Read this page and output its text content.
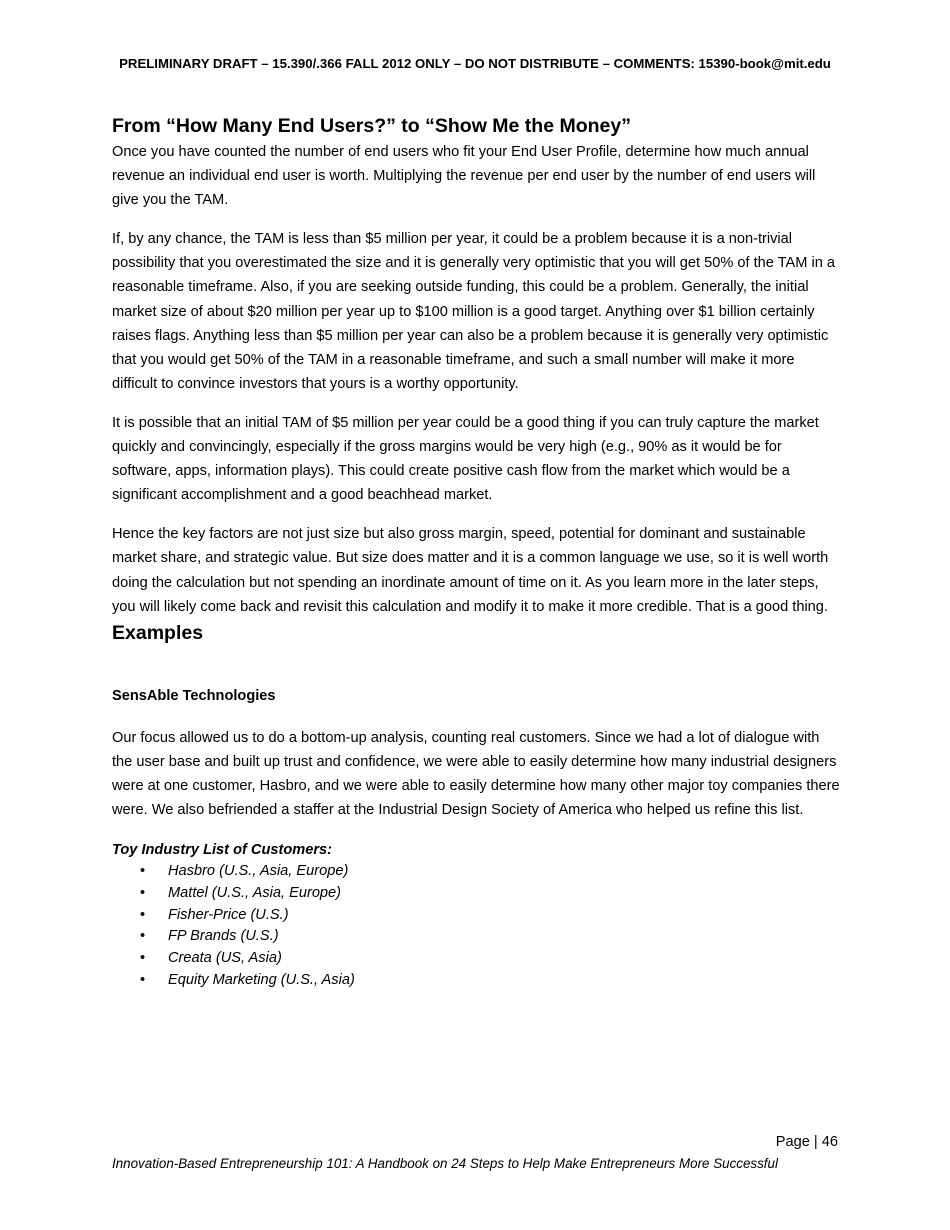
PRELIMINARY DRAFT – 15.390/.366 FALL 2012 ONLY – DO NOT DISTRIBUTE – COMMENTS: 15390-book@mit.edu
From “How Many End Users?” to “Show Me the Money”

Once you have counted the number of end users who fit your End User Profile, determine how much annual revenue an individual end user is worth. Multiplying the revenue per end user by the number of end users will give you the TAM.

If, by any chance, the TAM is less than $5 million per year, it could be a problem because it is a non-trivial possibility that you overestimated the size and it is generally very optimistic that you will get 50% of the TAM in a reasonable timeframe. Also, if you are seeking outside funding, this could be a problem. Generally, the initial market size of about $20 million per year up to $100 million is a good target. Anything over $1 billion certainly raises flags. Anything less than $5 million per year can also be a problem because it is generally very optimistic that you would get 50% of the TAM in a reasonable timeframe, and such a small number will make it more difficult to convince investors that yours is a worthy opportunity.

It is possible that an initial TAM of $5 million per year could be a good thing if you can truly capture the market quickly and convincingly, especially if the gross margins would be very high (e.g., 90% as it would be for software, apps, information plays). This could create positive cash flow from the market which would be a significant accomplishment and a good beachhead market.

Hence the key factors are not just size but also gross margin, speed, potential for dominant and sustainable market share, and strategic value. But size does matter and it is a common language we use, so it is well worth doing the calculation but not spending an inordinate amount of time on it. As you learn more in the later steps, you will likely come back and revisit this calculation and modify it to make it more credible. That is a good thing.

Examples
SensAble Technologies

Our focus allowed us to do a bottom-up analysis, counting real customers. Since we had a lot of dialogue with the user base and built up trust and confidence, we were able to easily determine how many industrial designers were at one customer, Hasbro, and we were able to easily determine how many other major toy companies there were. We also befriended a staffer at the Industrial Design Society of America who helped us refine this list.

Toy Industry List of Customers:

• Hasbro (U.S., Asia, Europe)
• Mattel (U.S., Asia, Europe)
• Fisher-Price (U.S.)
• FP Brands (U.S.)
• Creata (US, Asia)
• Equity Marketing (U.S., Asia)
Page | 46
Innovation-Based Entrepreneurship 101: A Handbook on 24 Steps to Help Make Entrepreneurs More Successful
